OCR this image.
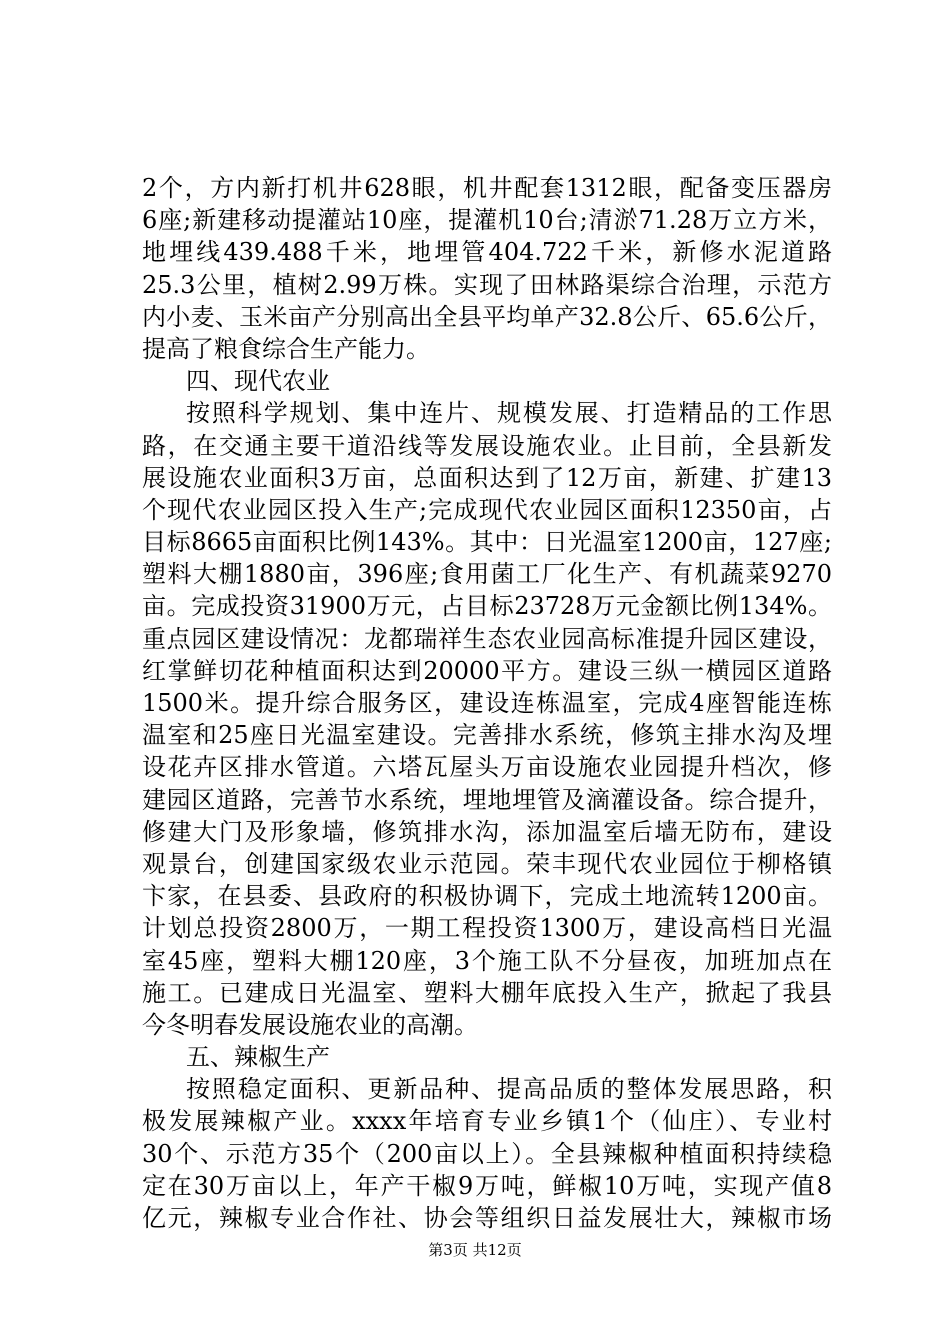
2个，方内新打机井628眼，机井配套1312眼，配备变压器房
6座;新建移动提灌站10座，提灌机10台;清淤71.28万立方米，
地埋线439.488千米，地埋管404.722千米，新修水泥道路
25.3公里，植树2.99万株。实现了田林路渠综合治理，示范方
内小麦、玉米亩产分别高出全县平均单产32.8公斤、65.6公斤，
提高了粮食综合生产能力。
四、现代农业
按照科学规划、集中连片、规模发展、打造精品的工作思
路，在交通主要干道沿线等发展设施农业。止目前，全县新发
展设施农业面积3万亩，总面积达到了12万亩，新建、扩建13
个现代农业园区投入生产;完成现代农业园区面积12350亩，占
目标8665亩面积比例143%。其中：日光温室1200亩，127座;
塑料大棚1880亩，396座;食用菌工厂化生产、有机蔬菜9270
亩。完成投资31900万元，占目标23728万元金额比例134%。
重点园区建设情况：龙都瑞祥生态农业园高标准提升园区建设，
红掌鲜切花种植面积达到20000平方。建设三纵一横园区道路
1500米。提升综合服务区，建设连栋温室，完成4座智能连栋
温室和25座日光温室建设。完善排水系统，修筑主排水沟及埋
设花卉区排水管道。六塔瓦屋头万亩设施农业园提升档次，修
建园区道路，完善节水系统，埋地埋管及滴灌设备。综合提升，
修建大门及形象墙，修筑排水沟，添加温室后墙无防布，建设
观景台，创建国家级农业示范园。荣丰现代农业园位于柳格镇
卞家，在县委、县政府的积极协调下，完成土地流转1200亩。
计划总投资2800万，一期工程投资1300万，建设高档日光温
室45座，塑料大棚120座，3个施工队不分昼夜，加班加点在
施工。已建成日光温室、塑料大棚年底投入生产，掀起了我县
今冬明春发展设施农业的高潮。
五、辣椒生产
按照稳定面积、更新品种、提高品质的整体发展思路，积
极发展辣椒产业。xxxx年培育专业乡镇1个（仙庄）、专业村
30个、示范方35个（200亩以上）。全县辣椒种植面积持续稳
定在30万亩以上，年产干椒9万吨，鲜椒10万吨，实现产值8
亿元，辣椒专业合作社、协会等组织日益发展壮大，辣椒市场
第3页 共12页
